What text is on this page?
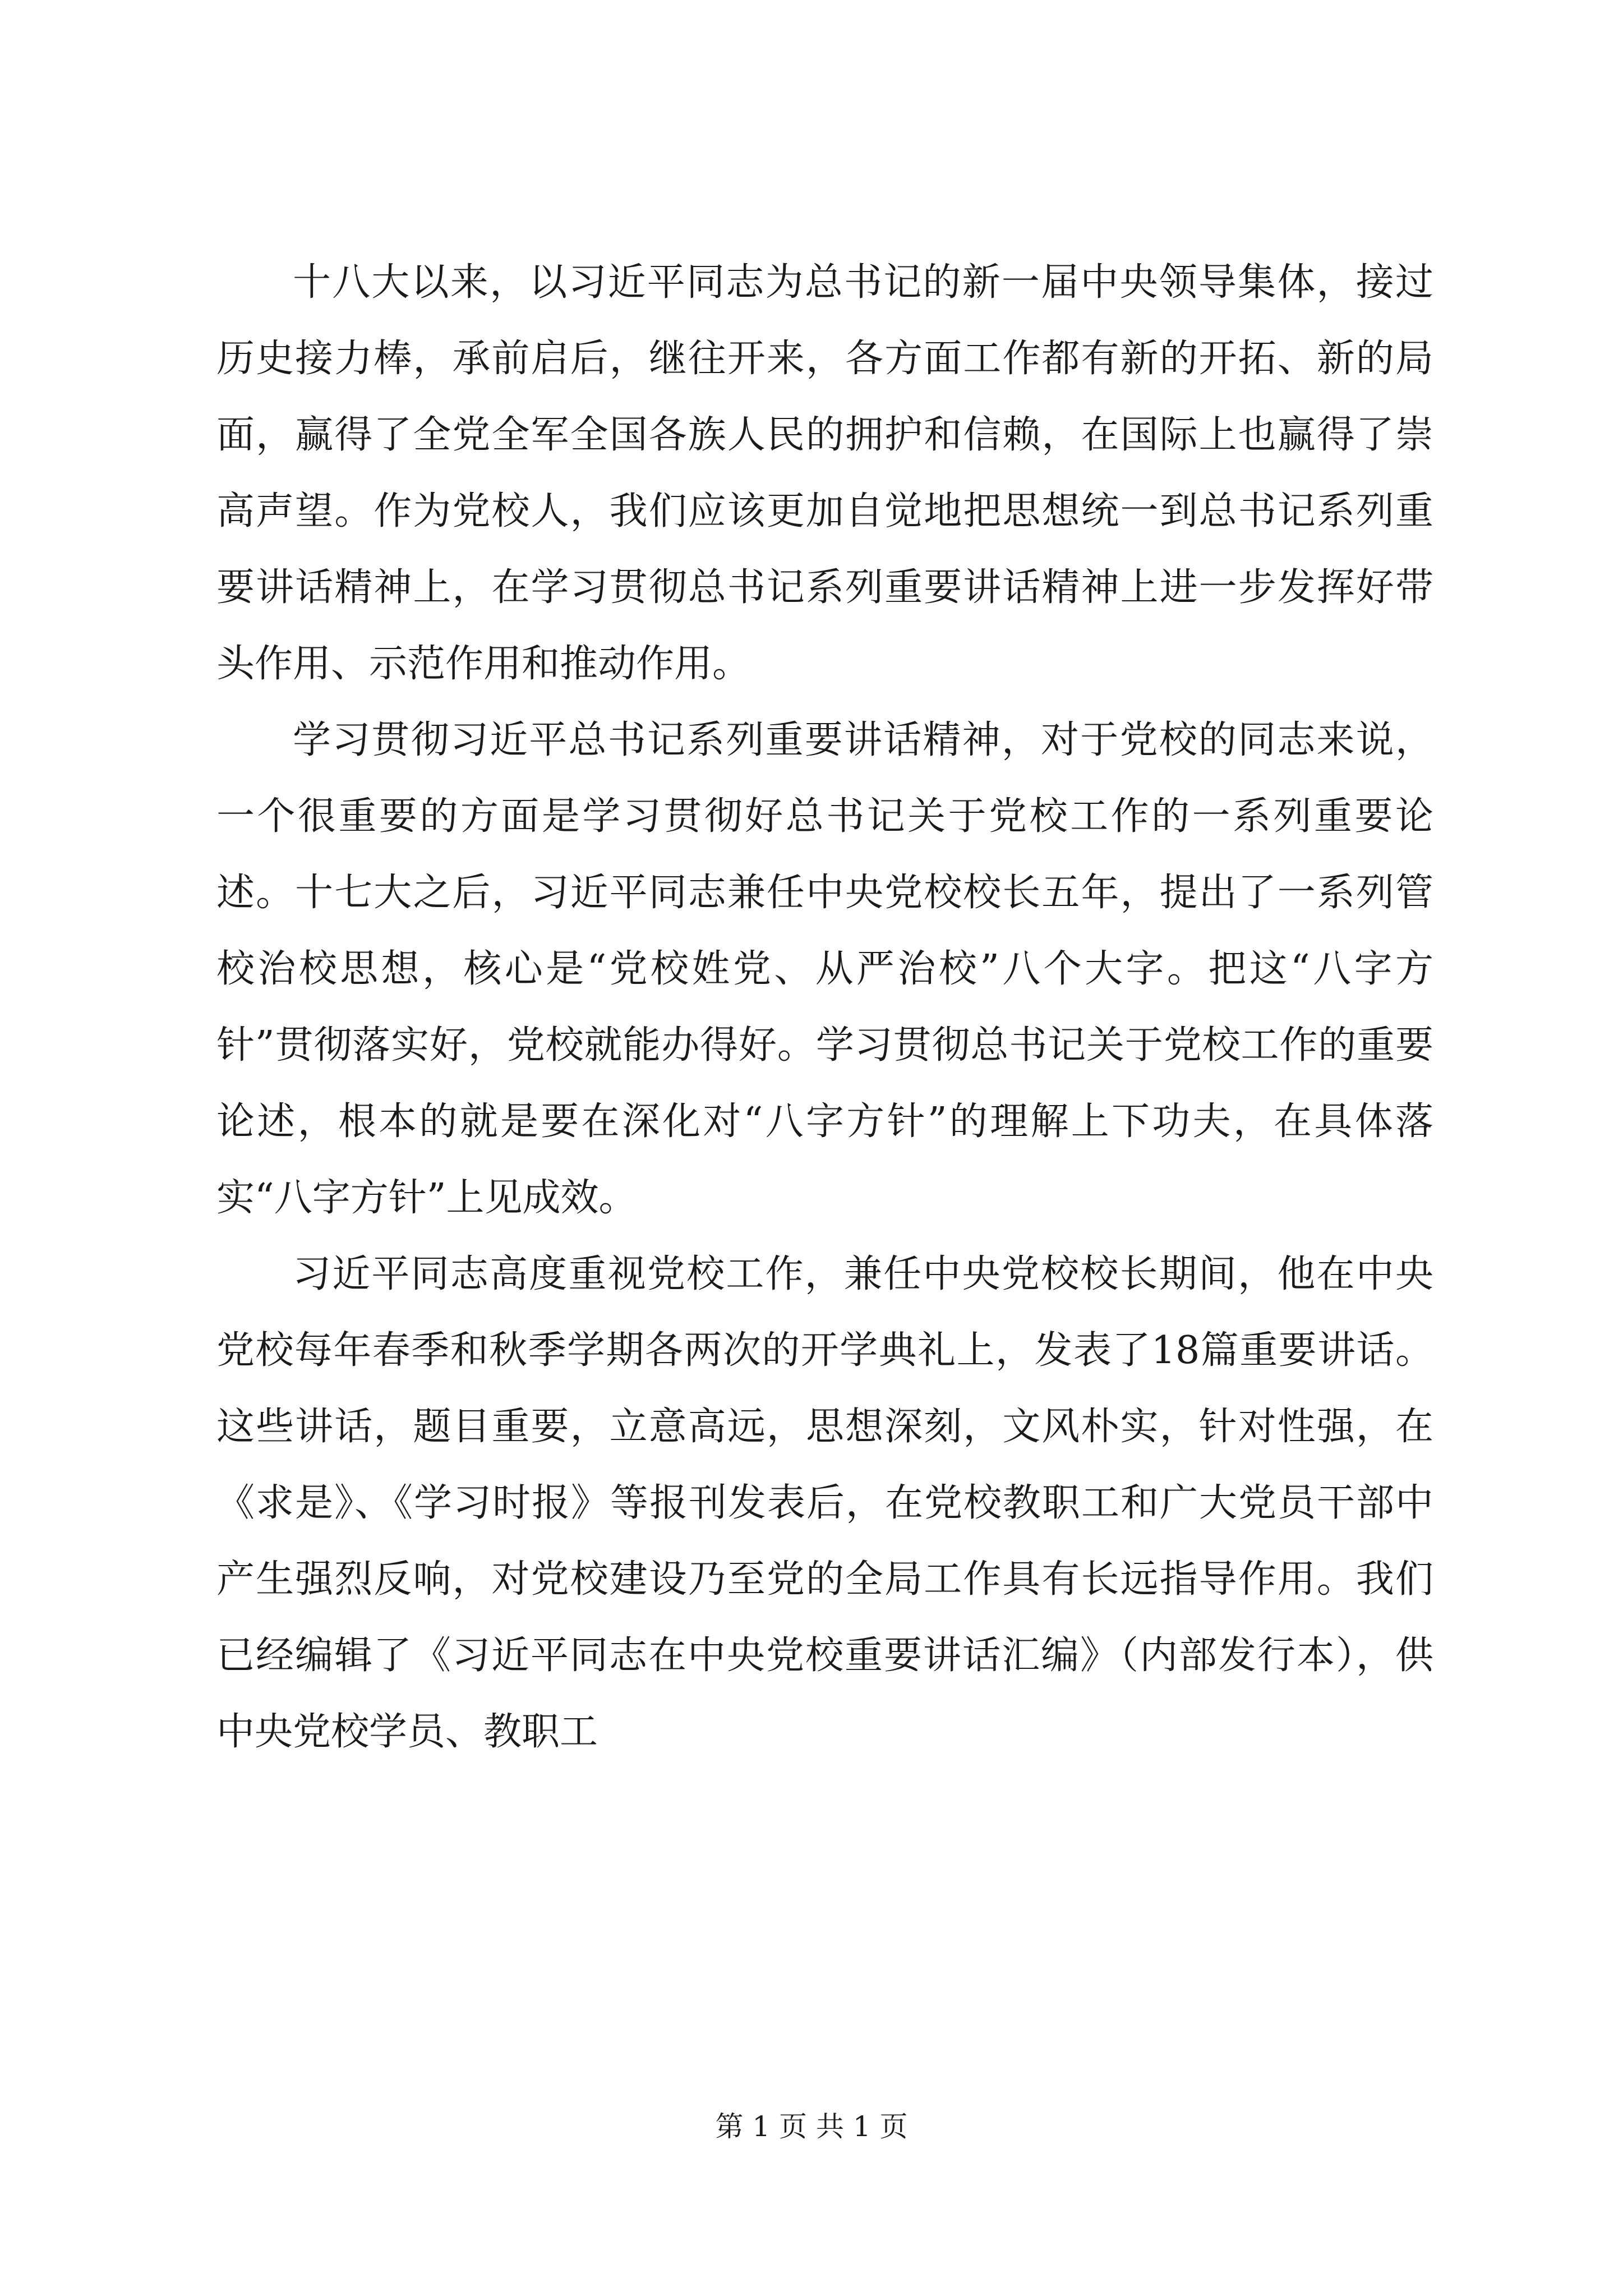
十八大以来，以习近平同志为总书记的新一届中央领导集体，接过历史接力棒，承前启后，继往开来，各方面工作都有新的开拓、新的局面，赢得了全党全军全国各族人民的拥护和信赖，在国际上也赢得了崇高声望。作为党校人，我们应该更加自觉地把思想统一到总书记系列重要讲话精神上，在学习贯彻总书记系列重要讲话精神上进一步发挥好带头作用、示范作用和推动作用。

学习贯彻习近平总书记系列重要讲话精神，对于党校的同志来说，一个很重要的方面是学习贯彻好总书记关于党校工作的一系列重要论述。十七大之后，习近平同志兼任中央党校校长五年，提出了一系列管校治校思想，核心是“党校姓党、从严治校”八个大字。把这“八字方针”贯彻落实好，党校就能办得好。学习贯彻总书记关于党校工作的重要论述，根本的就是要在深化对“八字方针”的理解上下功夫，在具体落实“八字方针”上见成效。

习近平同志高度重视党校工作，兼任中央党校校长期间，他在中央党校每年春季和秋季学期各两次的开学典礼上，发表了18篇重要讲话。这些讲话，题目重要，立意高远，思想深刻，文风朴实，针对性强，在《求是》、《学习时报》等报刊发表后，在党校教职工和广大党员干部中产生强烈反响，对党校建设乃至党的全局工作具有长远指导作用。我们已经编辑了《习近平同志在中央党校重要讲话汇编》（内部发行本），供中央党校学员、教职工

第 1 页 共 1 页
